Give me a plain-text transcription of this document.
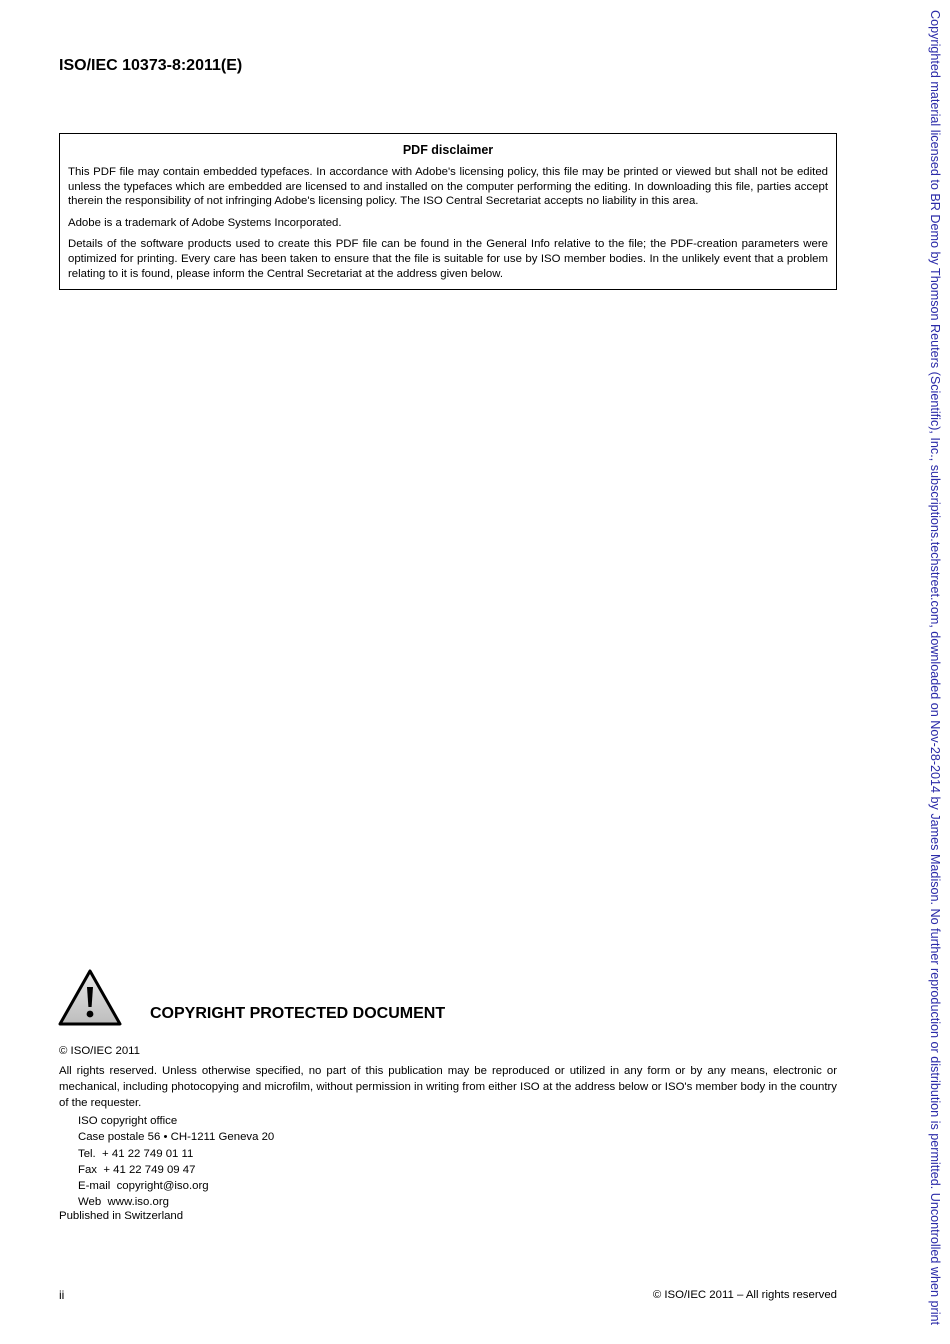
ISO/IEC 10373-8:2011(E)
PDF disclaimer

This PDF file may contain embedded typefaces. In accordance with Adobe's licensing policy, this file may be printed or viewed but shall not be edited unless the typefaces which are embedded are licensed to and installed on the computer performing the editing. In downloading this file, parties accept therein the responsibility of not infringing Adobe's licensing policy. The ISO Central Secretariat accepts no liability in this area.

Adobe is a trademark of Adobe Systems Incorporated.

Details of the software products used to create this PDF file can be found in the General Info relative to the file; the PDF-creation parameters were optimized for printing. Every care has been taken to ensure that the file is suitable for use by ISO member bodies. In the unlikely event that a problem relating to it is found, please inform the Central Secretariat at the address given below.

COPYRIGHT PROTECTED DOCUMENT
© ISO/IEC 2011
All rights reserved. Unless otherwise specified, no part of this publication may be reproduced or utilized in any form or by any means, electronic or mechanical, including photocopying and microfilm, without permission in writing from either ISO at the address below or ISO's member body in the country of the requester.
ISO copyright office
Case postale 56 • CH-1211 Geneva 20
Tel.  + 41 22 749 01 11
Fax  + 41 22 749 09 47
E-mail  copyright@iso.org
Web  www.iso.org
Published in Switzerland
ii	© ISO/IEC 2011 – All rights reserved	Copyrighted material licensed to BR Demo by Thomson Reuters (Scientific), Inc., subscriptions.techstreet.com, downloaded on Nov-28-2014 by James Madison. No further reproduction or distribution is permitted. Uncontrolled when print
